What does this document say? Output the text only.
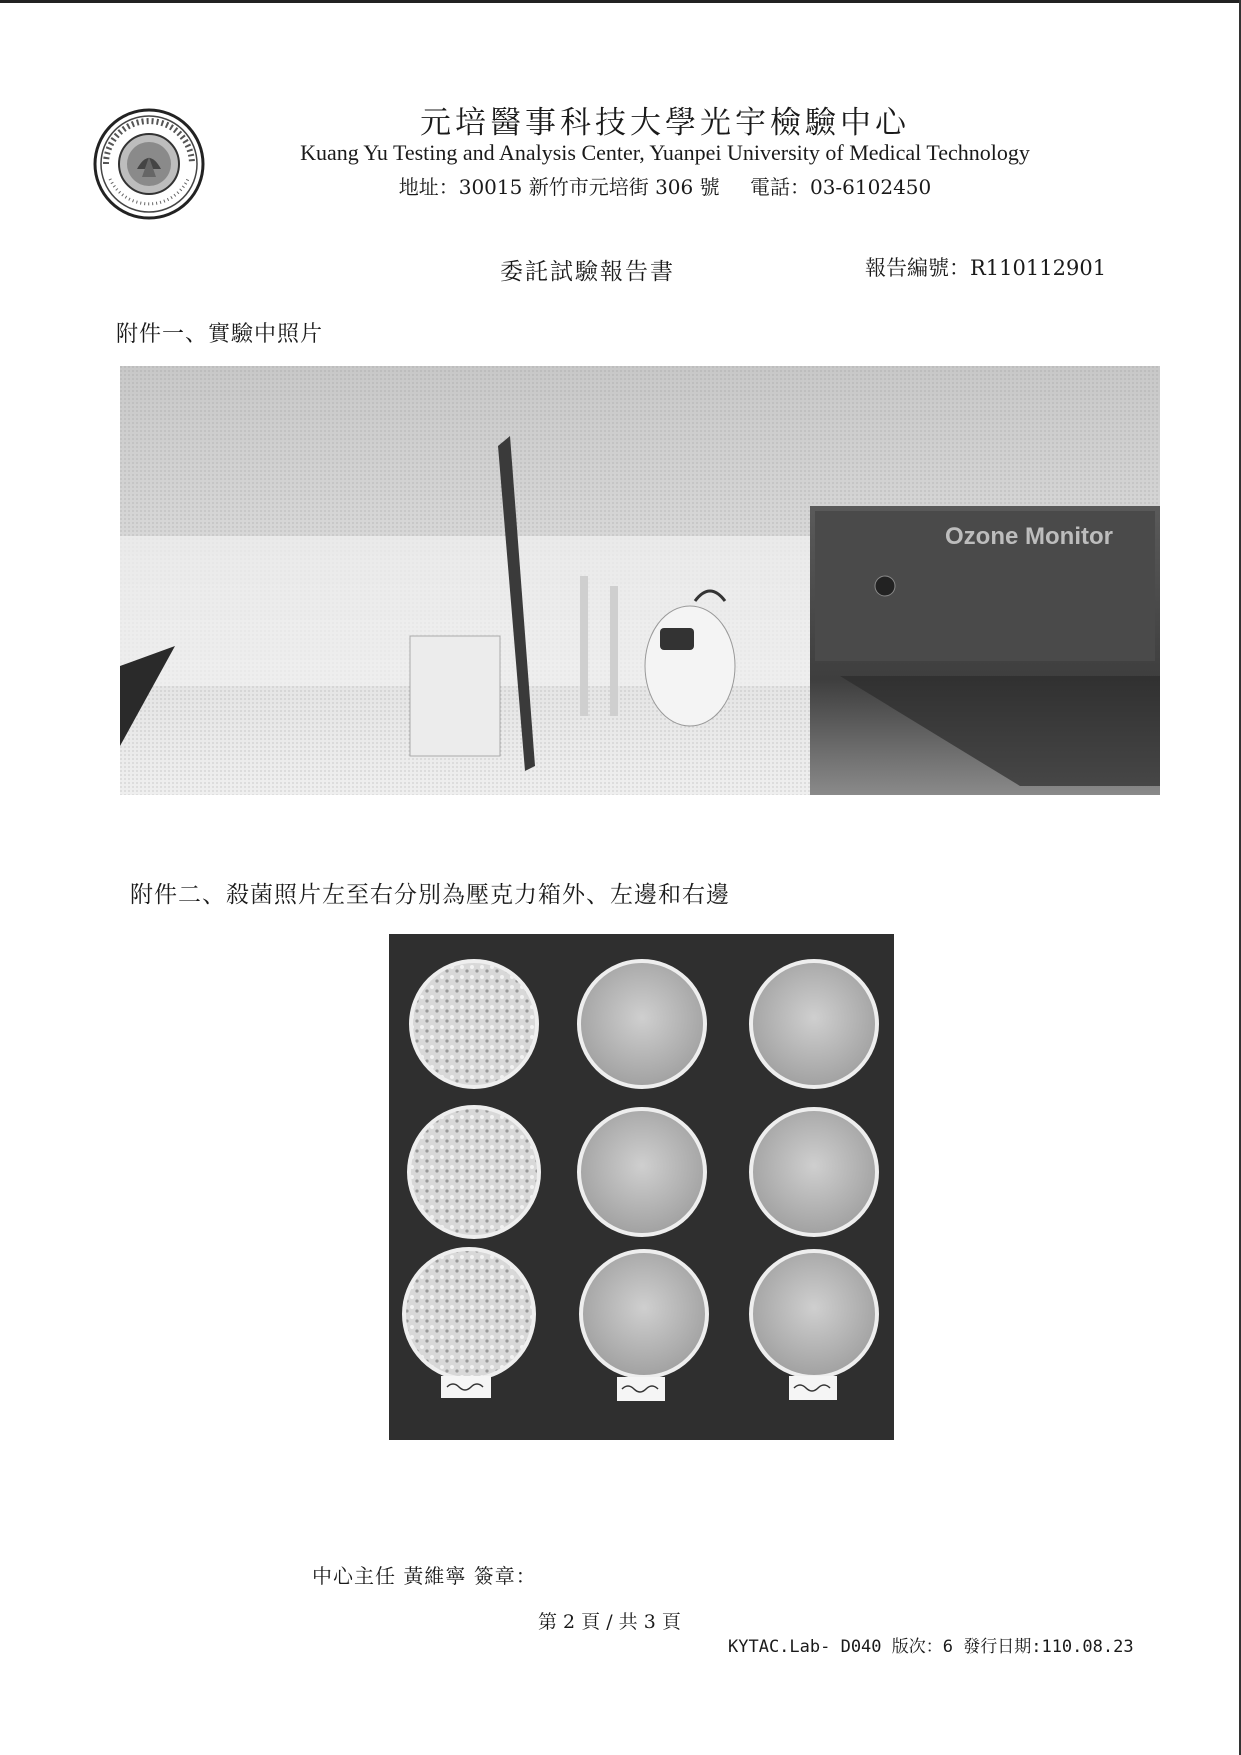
元培醫事科技大學光宇檢驗中心
Kuang Yu Testing and Analysis Center, Yuanpei University of Medical Technology
地址：30015 新竹市元培街 306 號 電話：03-6102450
委託試驗報告書	報告編號：R110112901
附件一、實驗中照片
Ozone Monitor
附件二、殺菌照片左至右分別為壓克力箱外、左邊和右邊
中心主任 黃維寧 簽章：
第 2 頁 / 共 3 頁
KYTAC.Lab- D040 版次：6 發行日期:110.08.23
